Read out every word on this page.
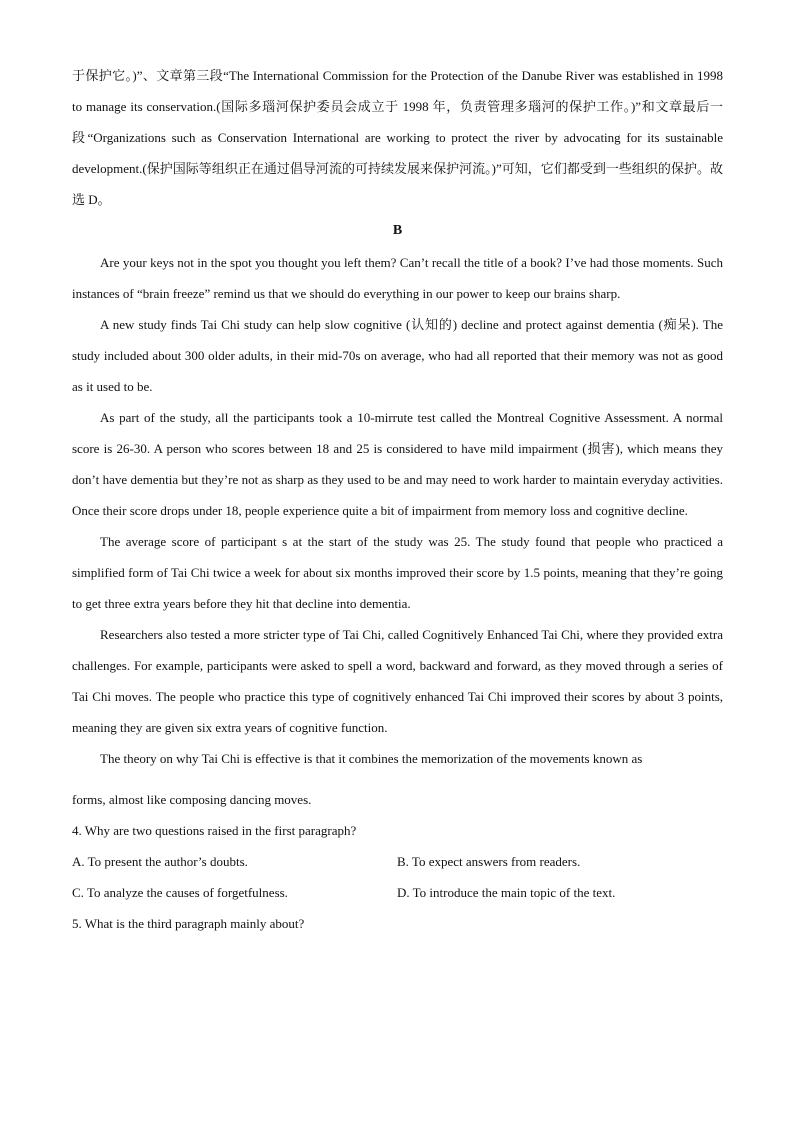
于保护它。)”、文章第三段“The International Commission for the Protection of the Danube River was established in 1998 to manage its conservation.(国际多瑙河保护委员会成立于 1998 年，负责管理多瑙河的保护工作。)”和文章最后一段“Organizations such as Conservation International are working to protect the river by advocating for its sustainable development.(保护国际等组织正在通过倡导河流的可持续发展来保护河流。)”可知，它们都受到一些组织的保护。故选 D。

B

Are your keys not in the spot you thought you left them? Can’t recall the title of a book? I’ve had those moments. Such instances of “brain freeze” remind us that we should do everything in our power to keep our brains sharp.

A new study finds Tai Chi study can help slow cognitive (认知的) decline and protect against dementia (痴呆). The study included about 300 older adults, in their mid-70s on average, who had all reported that their memory was not as good as it used to be.

As part of the study, all the participants took a 10-mirrute test called the Montreal Cognitive Assessment. A normal score is 26-30. A person who scores between 18 and 25 is considered to have mild impairment (损害), which means they don’t have dementia but they’re not as sharp as they used to be and may need to work harder to maintain everyday activities. Once their score drops under 18, people experience quite a bit of impairment from memory loss and cognitive decline.

The average score of participant s at the start of the study was 25. The study found that people who practiced a simplified form of Tai Chi twice a week for about six months improved their score by 1.5 points, meaning that they’re going to get three extra years before they hit that decline into dementia.

Researchers also tested a more stricter type of Tai Chi, called Cognitively Enhanced Tai Chi, where they provided extra challenges. For example, participants were asked to spell a word, backward and forward, as they moved through a series of Tai Chi moves. The people who practice this type of cognitively enhanced Tai Chi improved their scores by about 3 points, meaning they are given six extra years of cognitive function.

The theory on why Tai Chi is effective is that it combines the memorization of the movements known as

forms, almost like composing dancing moves.

4. Why are two questions raised in the first paragraph?

A. To present the author’s doubts.	B. To expect answers from readers.

C. To analyze the causes of forgetfulness.	D. To introduce the main topic of the text.

5. What is the third paragraph mainly about?
